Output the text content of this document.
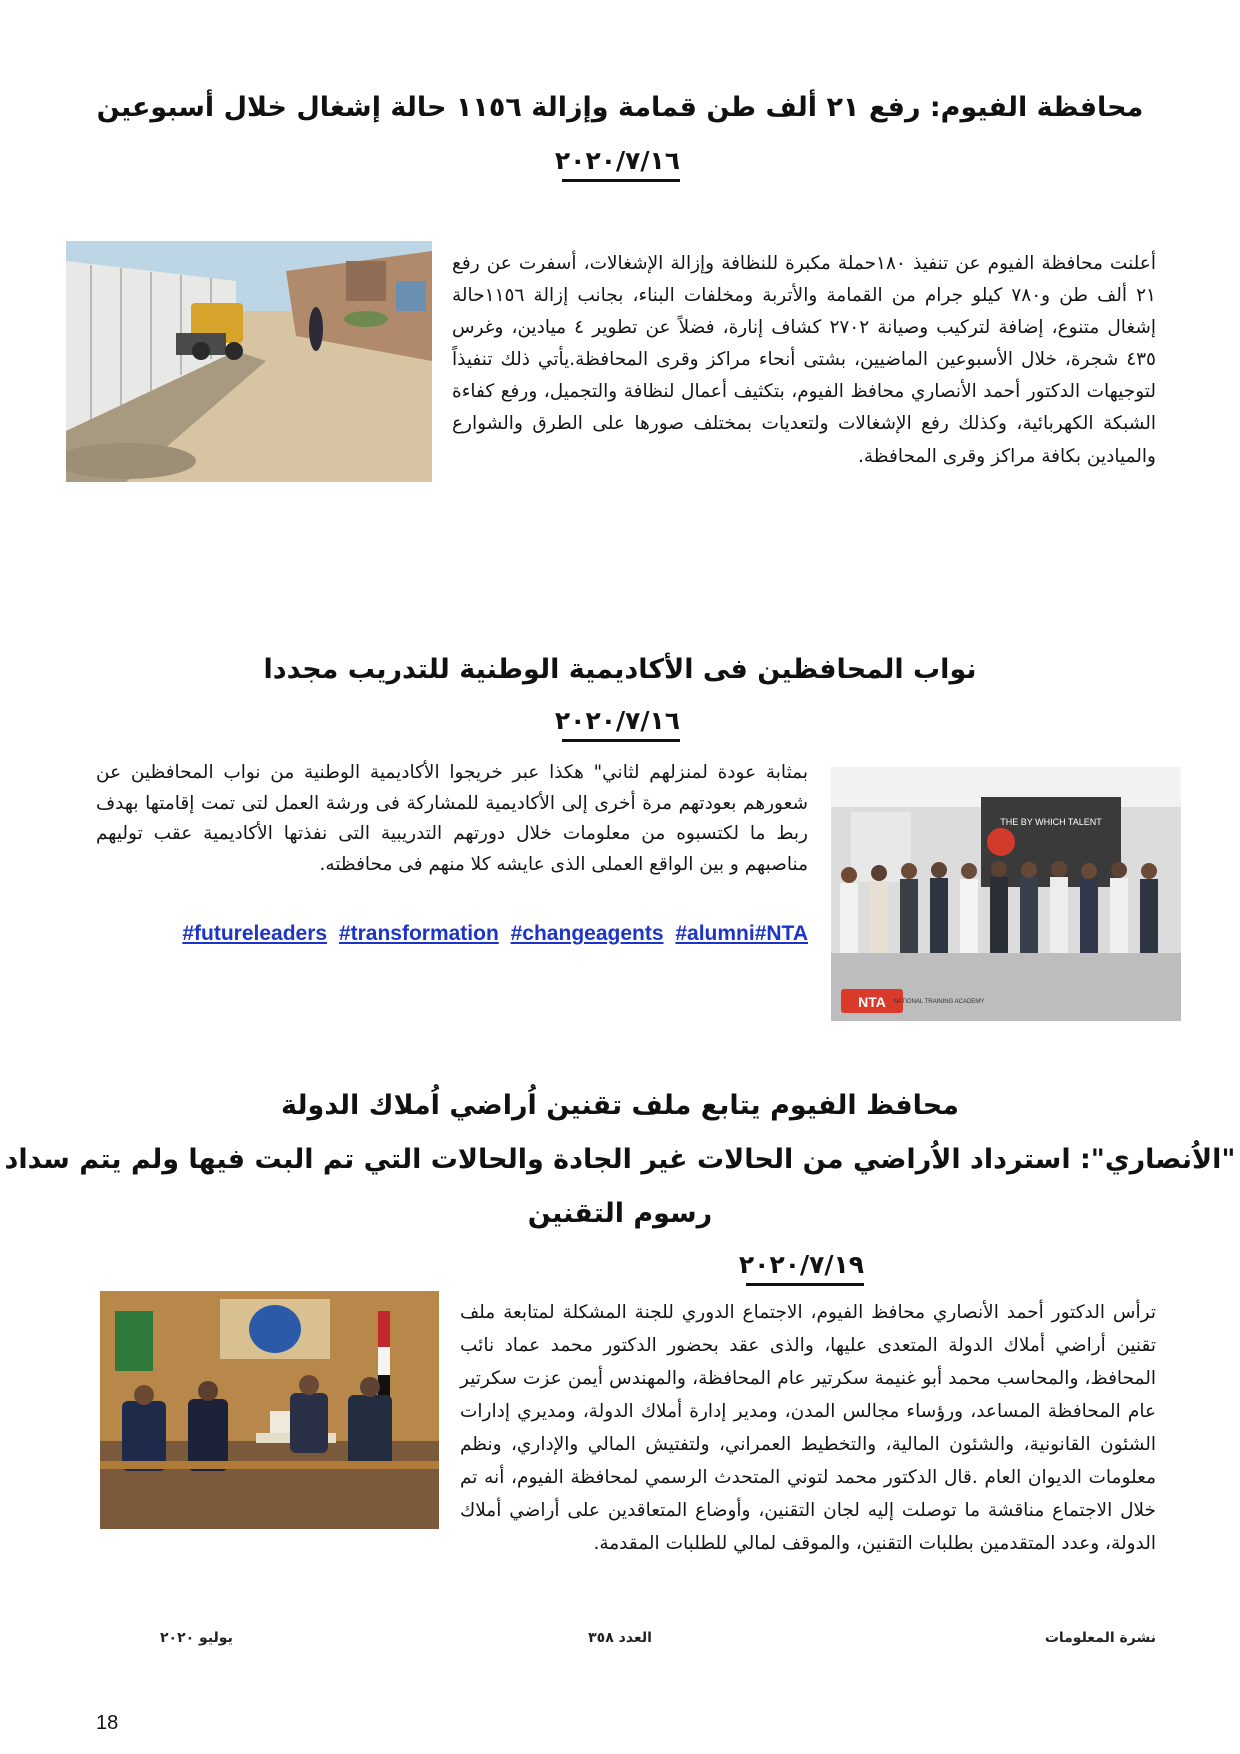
محافظة الفيوم: رفع ٢١ ألف طن قمامة وإزالة ١١٥٦ حالة إشغال خلال أسبوعين
٢٠٢٠/٧/١٦

أعلنت محافظة الفيوم عن تنفيذ ١٨٠حملة مكبرة للنظافة وإزالة الإشغالات، أسفرت عن رفع ٢١ ألف طن و٧٨٠ كيلو جرام من القمامة والأتربة ومخلفات البناء، بجانب إزالة ١١٥٦حالة إشغال متنوع، إضافة لتركيب وصيانة ٢٧٠٢ كشاف إنارة، فضلاً عن تطوير ٤ ميادين، وغرس ٤٣٥ شجرة، خلال الأسبوعين الماضيين، بشتى أنحاء مراكز وقرى المحافظة.يأتي ذلك تنفيذاً لتوجيهات الدكتور أحمد الأنصاري محافظ الفيوم، بتكثيف أعمال لنظافة والتجميل، ورفع كفاءة الشبكة الكهربائية، وكذلك رفع الإشغالات ولتعديات بمختلف صورها على الطرق والشوارع والميادين بكافة مراكز وقرى المحافظة.

نواب المحافظين فى الأكاديمية الوطنية للتدريب مجددا
٢٠٢٠/٧/١٦
THE BY WHICH TALENT
NTA NATIONAL TRAINING ACADEMY

بمثابة عودة لمنزلهم لثاني" هكذا عبر خريجوا الأكاديمية الوطنية من نواب المحافظين عن شعورهم بعودتهم مرة أخرى إلى الأكاديمية للمشاركة فى ورشة العمل لتى تمت إقامتها بهدف ربط ما لكتسبوه من معلومات خلال دورتهم التدريبية التى نفذتها الأكاديمية عقب توليهم مناصبهم و بين الواقع العملى الذى عايشه كلا منهم فى محافظته.

#futureleaders #transformation #changeagents #alumni#NTA
محافظ الفيوم يتابع ملف تقنين اُراضي اُملاك الدولة
"الاُنصاري": استرداد الاُراضي من الحالات غير الجادة والحالات التي تم البت فيها ولم يتم سداد
رسوم التقنين
٢٠٢٠/٧/١٩

ترأس الدكتور أحمد الأنصاري محافظ الفيوم، الاجتماع الدوري للجنة المشكلة لمتابعة ملف تقنين أراضي أملاك الدولة المتعدى عليها، والذى عقد بحضور الدكتور محمد عماد نائب المحافظ، والمحاسب محمد أبو غنيمة سكرتير عام المحافظة، والمهندس أيمن عزت سكرتير عام المحافظة المساعد، ورؤساء مجالس المدن، ومدير إدارة أملاك الدولة، ومديري إدارات الشئون القانونية، والشئون المالية، والتخطيط العمراني، ولتفتيش المالي والإداري، ونظم معلومات الديوان العام .قال الدكتور محمد لتوني المتحدث الرسمي لمحافظة الفيوم، أنه تم خلال الاجتماع مناقشة ما توصلت إليه لجان التقنين، وأوضاع المتعاقدين على أراضي أملاك الدولة، وعدد المتقدمين بطلبات التقنين، والموقف لمالي للطلبات المقدمة.

نشرة المعلومات
العدد ٣٥٨
يوليو ٢٠٢٠
18
